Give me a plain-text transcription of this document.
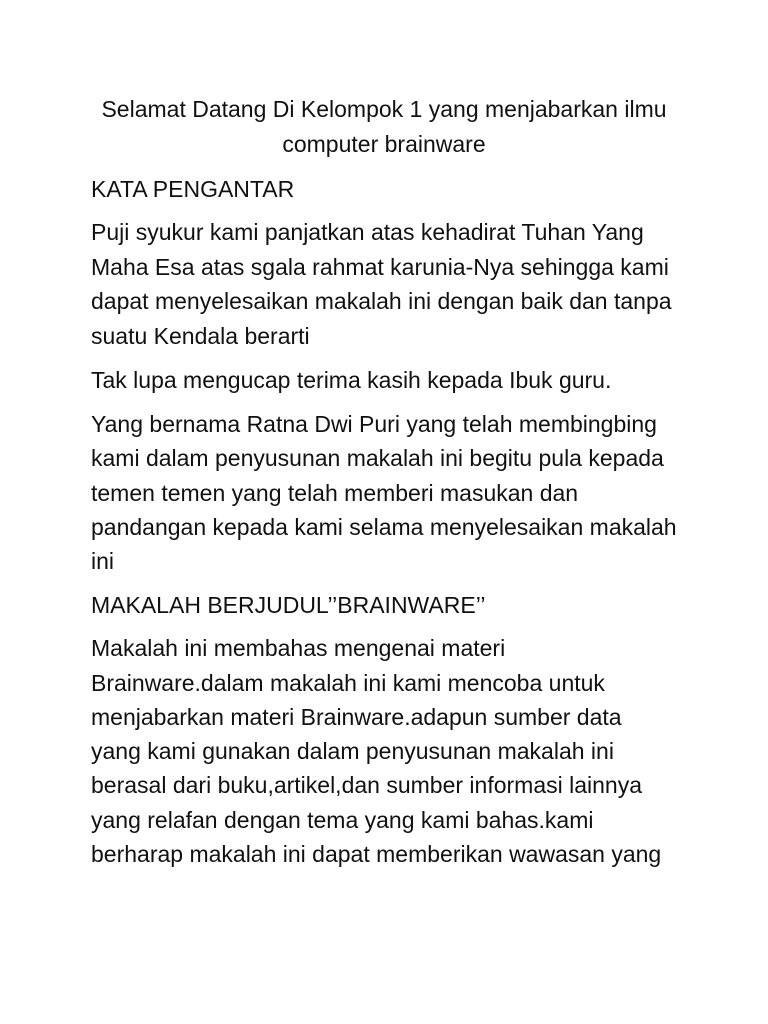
Selamat Datang Di Kelompok 1 yang menjabarkan ilmu
computer brainware
KATA PENGANTAR
Puji syukur kami panjatkan atas kehadirat Tuhan Yang
Maha Esa atas sgala rahmat karunia-Nya sehingga kami
dapat menyelesaikan makalah ini dengan baik dan tanpa
suatu Kendala berarti
Tak lupa mengucap terima kasih kepada Ibuk guru.
Yang bernama Ratna Dwi Puri yang telah membingbing
kami dalam penyusunan makalah ini begitu pula kepada
temen temen yang telah memberi masukan dan
pandangan kepada kami selama menyelesaikan makalah
ini
MAKALAH BERJUDUL’’BRAINWARE’’
Makalah ini membahas mengenai materi
Brainware.dalam makalah ini kami mencoba untuk
menjabarkan materi Brainware.adapun sumber data
yang kami gunakan dalam penyusunan makalah ini
berasal dari buku,artikel,dan sumber informasi lainnya
yang relafan dengan tema yang kami bahas.kami
berharap makalah ini dapat memberikan wawasan yang
